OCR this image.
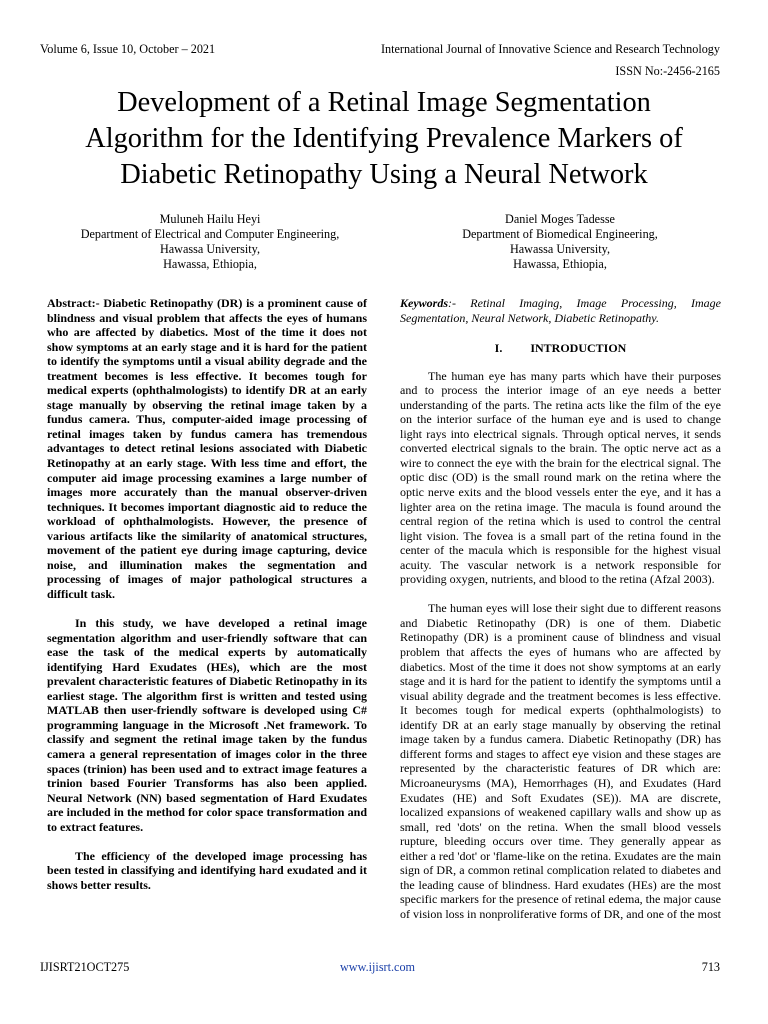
Volume 6, Issue 10, October – 2021	International Journal of Innovative Science and Research Technology
ISSN No:-2456-2165
Development of a Retinal Image Segmentation
Algorithm for the Identifying Prevalence Markers of
Diabetic Retinopathy Using a Neural Network
Muluneh Hailu Heyi
Department of Electrical and Computer Engineering,
Hawassa University,
Hawassa, Ethiopia,
Daniel Moges Tadesse
Department of Biomedical Engineering,
Hawassa University,
Hawassa, Ethiopia,

Abstract:- Diabetic Retinopathy (DR) is a prominent cause of blindness and visual problem that affects the eyes of humans who are affected by diabetics. Most of the time it does not show symptoms at an early stage and it is hard for the patient to identify the symptoms until a visual ability degrade and the treatment becomes is less effective. It becomes tough for medical experts (ophthalmologists) to identify DR at an early stage manually by observing the retinal image taken by a fundus camera. Thus, computer-aided image processing of retinal images taken by fundus camera has tremendous advantages to detect retinal lesions associated with Diabetic Retinopathy at an early stage. With less time and effort, the computer aid image processing examines a large number of images more accurately than the manual observer-driven techniques. It becomes important diagnostic aid to reduce the workload of ophthalmologists. However, the presence of various artifacts like the similarity of anatomical structures, movement of the patient eye during image capturing, device noise, and illumination makes the segmentation and processing of images of major pathological structures a difficult task.

In this study, we have developed a retinal image segmentation algorithm and user-friendly software that can ease the task of the medical experts by automatically identifying Hard Exudates (HEs), which are the most prevalent characteristic features of Diabetic Retinopathy in its earliest stage. The algorithm first is written and tested using MATLAB then user-friendly software is developed using C# programming language in the Microsoft .Net framework. To classify and segment the retinal image taken by the fundus camera a general representation of images color in the three spaces (trinion) has been used and to extract image features a trinion based Fourier Transforms has also been applied. Neural Network (NN) based segmentation of Hard Exudates are included in the method for color space transformation and to extract features.

The efficiency of the developed image processing has been tested in classifying and identifying hard exudated and it shows better results.

Keywords:- Retinal Imaging, Image Processing, Image Segmentation, Neural Network, Diabetic Retinopathy.

I. INTRODUCTION

The human eye has many parts which have their purposes and to process the interior image of an eye needs a better understanding of the parts. The retina acts like the film of the eye on the interior surface of the human eye and is used to change light rays into electrical signals. Through optical nerves, it sends converted electrical signals to the brain. The optic nerve act as a wire to connect the eye with the brain for the electrical signal. The optic disc (OD) is the small round mark on the retina where the optic nerve exits and the blood vessels enter the eye, and it has a lighter area on the retina image. The macula is found around the central region of the retina which is used to control the central light vision. The fovea is a small part of the retina found in the center of the macula which is responsible for the highest visual acuity. The vascular network is a network responsible for providing oxygen, nutrients, and blood to the retina (Afzal 2003).

The human eyes will lose their sight due to different reasons and Diabetic Retinopathy (DR) is one of them. Diabetic Retinopathy (DR) is a prominent cause of blindness and visual problem that affects the eyes of humans who are affected by diabetics. Most of the time it does not show symptoms at an early stage and it is hard for the patient to identify the symptoms until a visual ability degrade and the treatment becomes is less effective. It becomes tough for medical experts (ophthalmologists) to identify DR at an early stage manually by observing the retinal image taken by a fundus camera. Diabetic Retinopathy (DR) has different forms and stages to affect eye vision and these stages are represented by the characteristic features of DR which are: Microaneurysms (MA), Hemorrhages (H), and Exudates (Hard Exudates (HE) and Soft Exudates (SE)). MA are discrete, localized expansions of weakened capillary walls and show up as small, red 'dots' on the retina. When the small blood vessels rupture, bleeding occurs over time. They generally appear as either a red 'dot' or 'flame-like on the retina. Exudates are the main sign of DR, a common retinal complication related to diabetes and the leading cause of blindness. Hard exudates (HEs) are the most specific markers for the presence of retinal edema, the major cause of vision loss in nonproliferative forms of DR, and one of the most

IJISRT21OCT275	www.ijisrt.com	713
